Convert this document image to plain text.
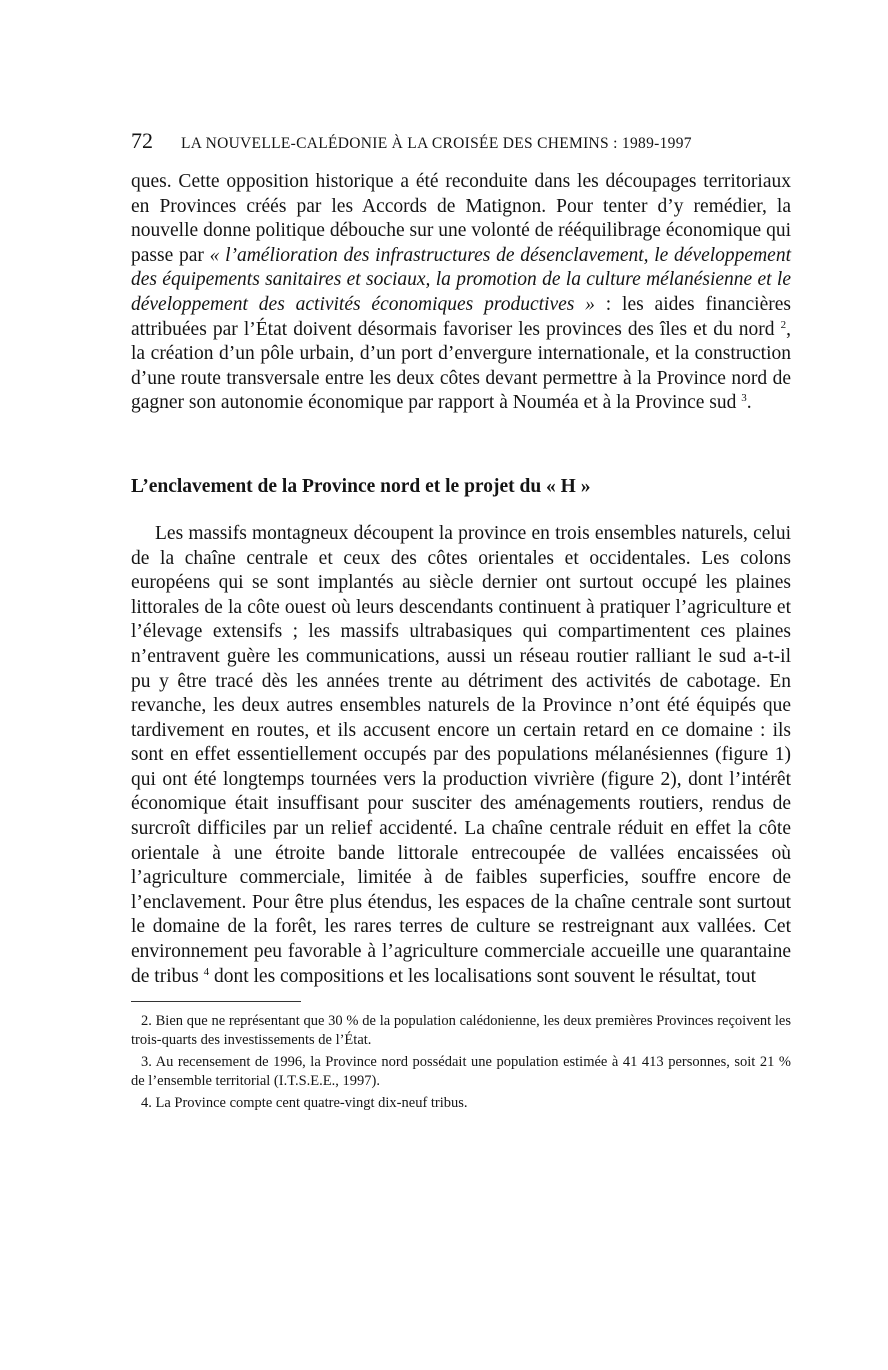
72 LA NOUVELLE-CALÉDONIE À LA CROISÉE DES CHEMINS : 1989-1997

ques. Cette opposition historique a été reconduite dans les découpages territoriaux en Provinces créés par les Accords de Matignon. Pour tenter d’y remédier, la nouvelle donne politique débouche sur une volonté de rééquilibrage économique qui passe par « l’amélioration des infrastructures de désenclavement, le développement des équipements sanitaires et sociaux, la promotion de la culture mélanésienne et le développement des activités économiques productives » : les aides financières attribuées par l’État doivent désormais favoriser les provinces des îles et du nord $^2$, la création d’un pôle urbain, d’un port d’envergure internationale, et la construction d’une route transversale entre les deux côtes devant permettre à la Province nord de gagner son autonomie économique par rapport à Nouméa et à la Province sud $^3$.

L’enclavement de la Province nord et le projet du « H »

Les massifs montagneux découpent la province en trois ensembles naturels, celui de la chaîne centrale et ceux des côtes orientales et occidentales. Les colons européens qui se sont implantés au siècle dernier ont surtout occupé les plaines littorales de la côte ouest où leurs descendants continuent à pratiquer l’agriculture et l’élevage extensifs ; les massifs ultrabasiques qui compartimentent ces plaines n’entravent guère les communications, aussi un réseau routier ralliant le sud a-t-il pu y être tracé dès les années trente au détriment des activités de cabotage. En revanche, les deux autres ensembles naturels de la Province n’ont été équipés que tardivement en routes, et ils accusent encore un certain retard en ce domaine : ils sont en effet essentiellement occupés par des populations mélanésiennes (figure 1) qui ont été longtemps tournées vers la production vivrière (figure 2), dont l’intérêt économique était insuffisant pour susciter des aménagements routiers, rendus de surcroît difficiles par un relief accidenté. La chaîne centrale réduit en effet la côte orientale à une étroite bande littorale entrecoupée de vallées encaissées où l’agriculture commerciale, limitée à de faibles superficies, souffre encore de l’enclavement. Pour être plus étendus, les espaces de la chaîne centrale sont surtout le domaine de la forêt, les rares terres de culture se restreignant aux vallées. Cet environnement peu favorable à l’agriculture commerciale accueille une quarantaine de tribus $^4$ dont les compositions et les localisations sont souvent le résultat, tout

2. Bien que ne représentant que 30 % de la population calédonienne, les deux premières Provinces reçoivent les trois-quarts des investissements de l’État.

3. Au recensement de 1996, la Province nord possédait une population estimée à 41 413 personnes, soit 21 % de l’ensemble territorial (I.T.S.E.E., 1997).

4. La Province compte cent quatre-vingt dix-neuf tribus.
